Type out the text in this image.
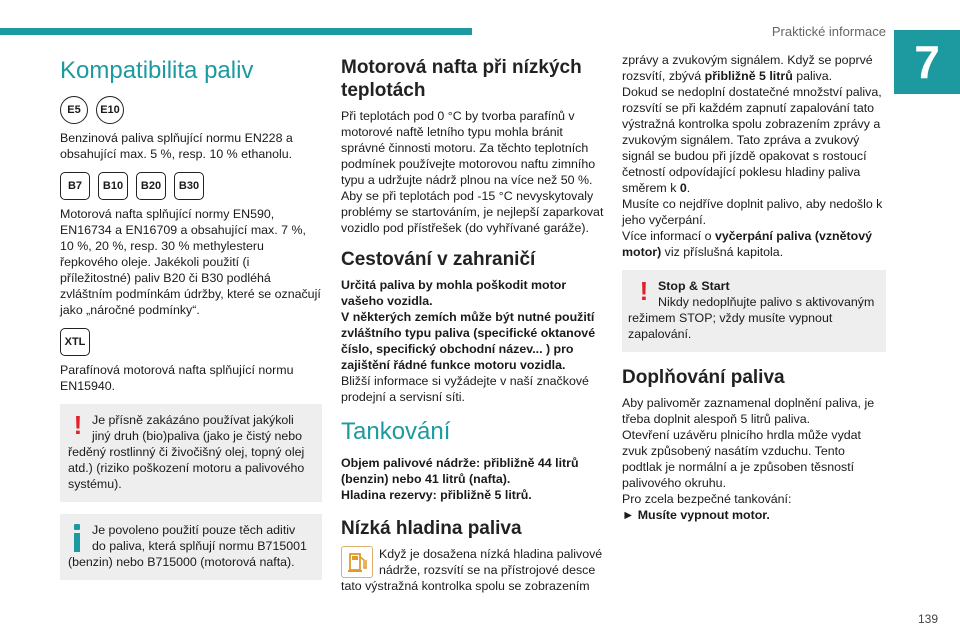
Praktické informace
7
Kompatibilita paliv
E5	E10

Benzinová paliva splňující normu EN228 a obsahující max. 5 %, resp. 10 % ethanolu.

B7	B10	B20	B30

Motorová nafta splňující normy EN590, EN16734 a EN16709 a obsahující max. 7 %, 10 %, 20 %, resp. 30 % methylesteru řepkového oleje. Jakékoli použití (i příležitostné) paliv B20 či B30 podléhá zvláštním podmínkám údržby, které se označují jako „náročné podmínky“.

XTL

Parafínová motorová nafta splňující normu EN15940.

! Je přísně zakázáno používat jakýkoli jiný druh (bio)paliva (jako je čistý nebo ředěný rostlinný či živočišný olej, topný olej atd.) (riziko poškození motoru a palivového systému).

Je povoleno použití pouze těch aditiv do paliva, která splňují normu B715001 (benzin) nebo B715000 (motorová nafta).

Motorová nafta při nízkých teplotách

Při teplotách pod 0 °C by tvorba parafínů v motorové naftě letního typu mohla bránit správné činnosti motoru. Za těchto teplotních podmínek používejte motorovou naftu zimního typu a udržujte nádrž plnou na více než 50 %.

Aby se při teplotách pod -15 °C nevyskytovaly problémy se startováním, je nejlepší zaparkovat vozidlo pod přístřešek (do vyhřívané garáže).

Cestování v zahraničí

Určitá paliva by mohla poškodit motor vašeho vozidla.

V některých zemích může být nutné použití zvláštního typu paliva (specifické oktanové číslo, specifický obchodní název... ) pro zajištění řádné funkce motoru vozidla.

Bližší informace si vyžádejte v naší značkové prodejní a servisní síti.

Tankování

Objem palivové nádrže: přibližně 44 litrů (benzin) nebo 41 litrů (nafta).

Hladina rezervy: přibližně 5 litrů.

Nízká hladina paliva

Když je dosažena nízká hladina palivové nádrže, rozsvítí se na přístrojové desce tato výstražná kontrolka spolu se zobrazením

zprávy a zvukovým signálem. Když se poprvé rozsvítí, zbývá přibližně 5 litrů paliva.

Dokud se nedoplní dostatečné množství paliva, rozsvítí se při každém zapnutí zapalování tato výstražná kontrolka spolu zobrazením zprávy a zvukovým signálem. Tato zpráva a zvukový signál se budou při jízdě opakovat s rostoucí četností odpovídající poklesu hladiny paliva směrem k 0.

Musíte co nejdříve doplnit palivo, aby nedošlo k jeho vyčerpání.

Více informací o vyčerpání paliva (vznětový motor) viz příslušná kapitola.

! Stop & Start

Nikdy nedoplňujte palivo s aktivovaným režimem STOP; vždy musíte vypnout zapalování.

Doplňování paliva

Aby palivoměr zaznamenal doplnění paliva, je třeba doplnit alespoň 5 litrů paliva.

Otevření uzávěru plnicího hrdla může vydat zvuk způsobený nasátím vzduchu. Tento podtlak je normální a je způsoben těsností palivového okruhu.

Pro zcela bezpečné tankování:

► Musíte vypnout motor.

139
